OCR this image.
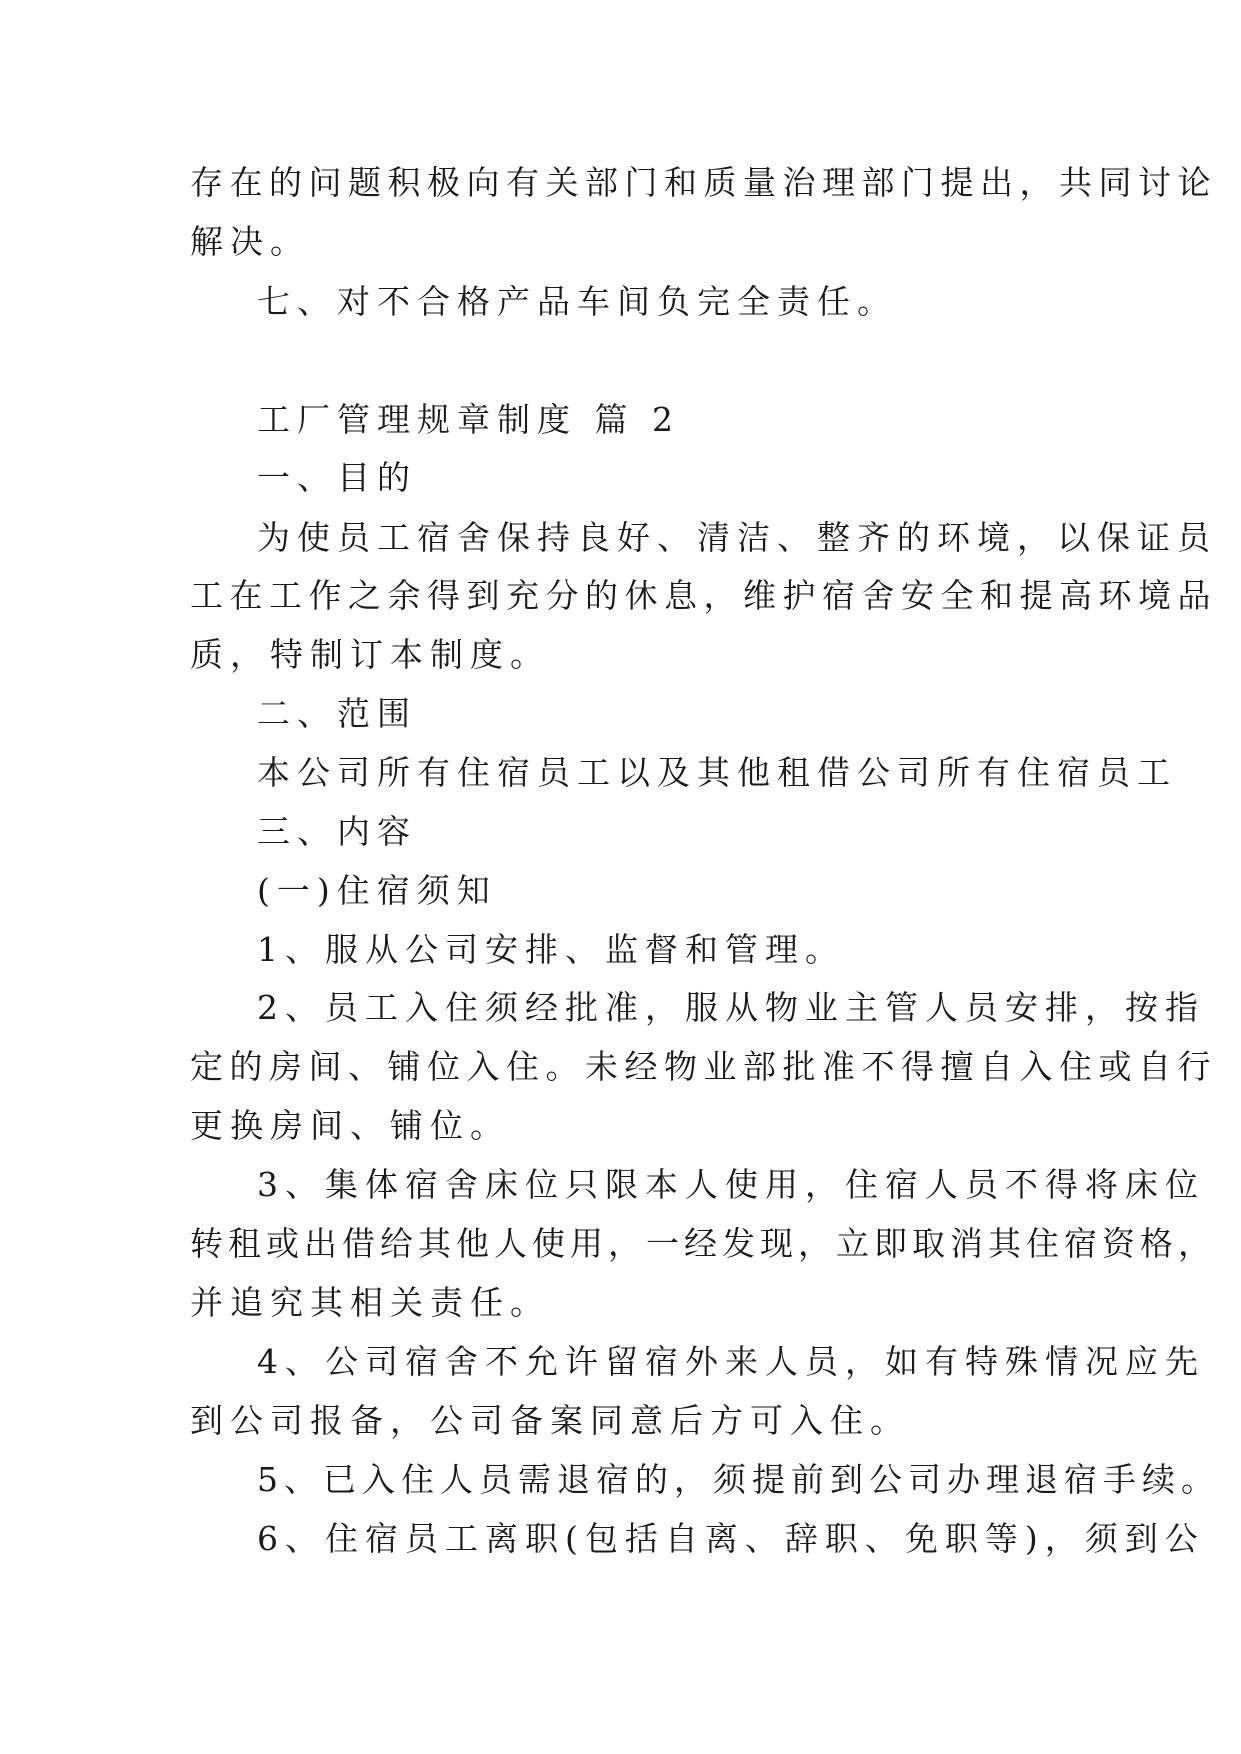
存在的问题积极向有关部门和质量治理部门提出，共同讨论

解决。

七、对不合格产品车间负完全责任。

工厂管理规章制度 篇 2

一、目的

为使员工宿舍保持良好、清洁、整齐的环境，以保证员

工在工作之余得到充分的休息，维护宿舍安全和提高环境品

质，特制订本制度。

二、范围

本公司所有住宿员工以及其他租借公司所有住宿员工

三、内容

(一)住宿须知

1、服从公司安排、监督和管理。

2、员工入住须经批准，服从物业主管人员安排，按指

定的房间、铺位入住。未经物业部批准不得擅自入住或自行

更换房间、铺位。

3、集体宿舍床位只限本人使用，住宿人员不得将床位

转租或出借给其他人使用，一经发现，立即取消其住宿资格，

并追究其相关责任。

4、公司宿舍不允许留宿外来人员，如有特殊情况应先

到公司报备，公司备案同意后方可入住。

5、已入住人员需退宿的，须提前到公司办理退宿手续。

6、住宿员工离职(包括自离、辞职、免职等)，须到公
